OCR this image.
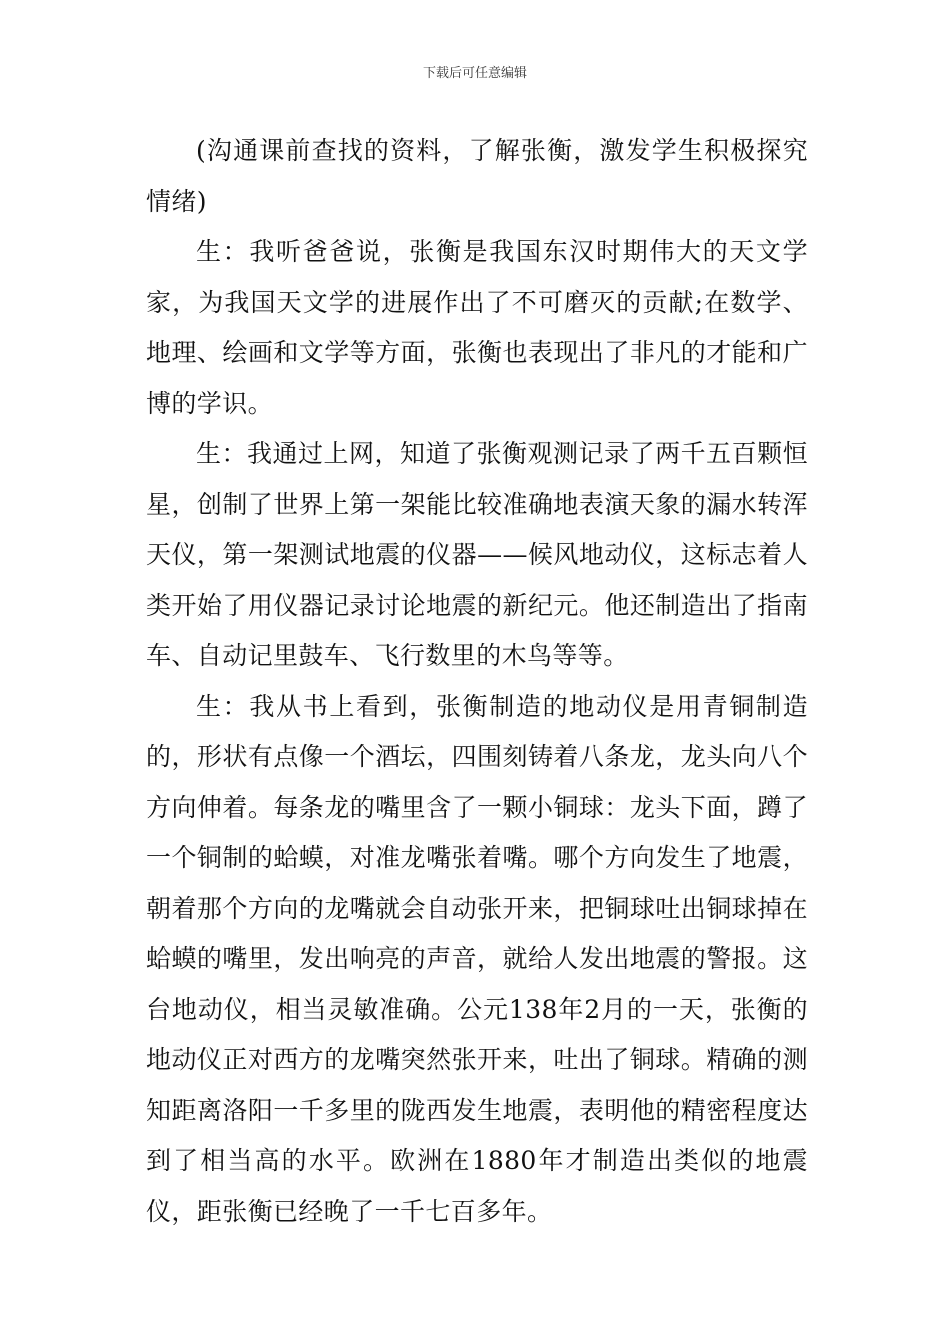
下载后可任意编辑

(沟通课前查找的资料，了解张衡，激发学生积极探究情绪)

生：我听爸爸说，张衡是我国东汉时期伟大的天文学家，为我国天文学的进展作出了不可磨灭的贡献;在数学、地理、绘画和文学等方面，张衡也表现出了非凡的才能和广博的学识。

生：我通过上网，知道了张衡观测记录了两千五百颗恒星，创制了世界上第一架能比较准确地表演天象的漏水转浑天仪，第一架测试地震的仪器——候风地动仪，这标志着人类开始了用仪器记录讨论地震的新纪元。他还制造出了指南车、自动记里鼓车、飞行数里的木鸟等等。

生：我从书上看到，张衡制造的地动仪是用青铜制造的，形状有点像一个酒坛，四围刻铸着八条龙，龙头向八个方向伸着。每条龙的嘴里含了一颗小铜球：龙头下面，蹲了一个铜制的蛤蟆，对准龙嘴张着嘴。哪个方向发生了地震，朝着那个方向的龙嘴就会自动张开来，把铜球吐出铜球掉在蛤蟆的嘴里，发出响亮的声音，就给人发出地震的警报。这台地动仪，相当灵敏准确。公元138年2月的一天，张衡的地动仪正对西方的龙嘴突然张开来，吐出了铜球。精确的测知距离洛阳一千多里的陇西发生地震，表明他的精密程度达到了相当高的水平。欧洲在1880年才制造出类似的地震仪，距张衡已经晚了一千七百多年。
